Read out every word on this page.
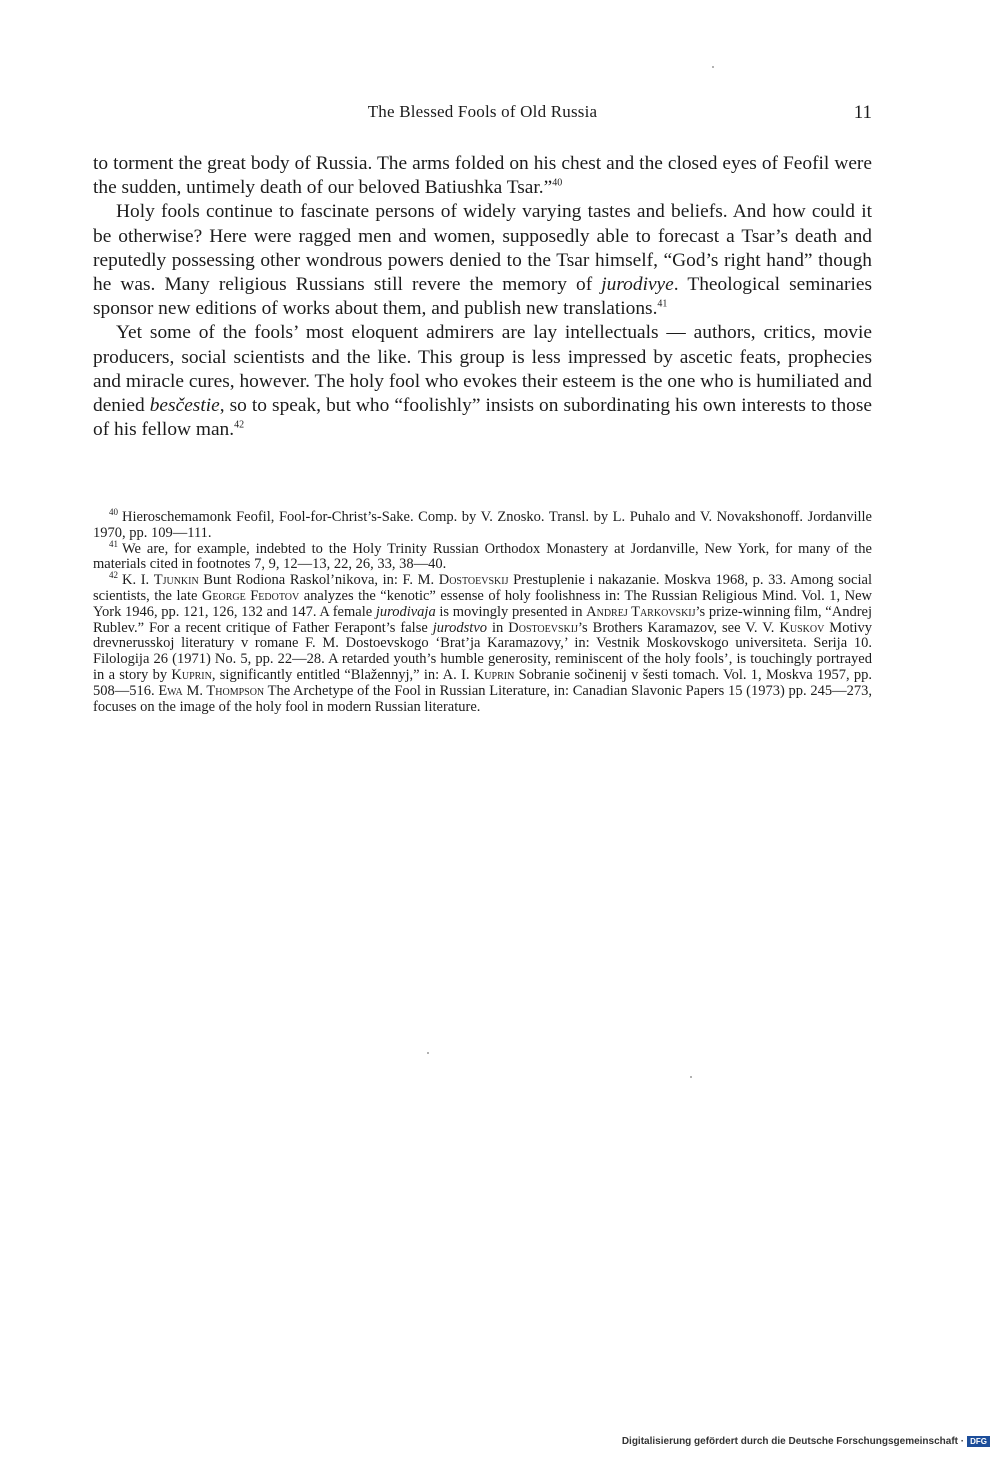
The Blessed Fools of Old Russia	11

to torment the great body of Russia. The arms folded on his chest and the closed eyes of Feofil were the sudden, untimely death of our beloved Batiushka Tsar.”$^{40}$

Holy fools continue to fascinate persons of widely varying tastes and beliefs. And how could it be otherwise? Here were ragged men and women, supposedly able to forecast a Tsar’s death and reputedly possessing other wondrous powers denied to the Tsar himself, “God’s right hand” though he was. Many religious Russians still revere the memory of jurodivye. Theological seminaries sponsor new editions of works about them, and publish new translations.$^{41}$

Yet some of the fools’ most eloquent admirers are lay intellectuals — authors, critics, movie producers, social scientists and the like. This group is less impressed by ascetic feats, prophecies and miracle cures, however. The holy fool who evokes their esteem is the one who is humiliated and denied besčestie, so to speak, but who “foolishly” insists on subordinating his own interests to those of his fellow man.$^{42}$

$^{40}$ Hieroschemamonk Feofil, Fool-for-Christ’s-Sake. Comp. by V. Znosko. Transl. by L. Puhalo and V. Novakshonoff. Jordanville 1970, pp. 109—111.

$^{41}$ We are, for example, indebted to the Holy Trinity Russian Orthodox Monastery at Jordanville, New York, for many of the materials cited in footnotes 7, 9, 12—13, 22, 26, 33, 38—40.

$^{42}$ K. I. Tjunkin Bunt Rodiona Raskol’nikova, in: F. M. Dostoevskij Prestuplenie i nakazanie. Moskva 1968, p. 33. Among social scientists, the late George Fedotov analyzes the “kenotic” essense of holy foolishness in: The Russian Religious Mind. Vol. 1, New York 1946, pp. 121, 126, 132 and 147. A female jurodivaja is movingly presented in Andrej Tarkovskij’s prize-winning film, “Andrej Rublev.” For a recent critique of Father Ferapont’s false jurodstvo in Dostoevskij’s Brothers Karamazov, see V. V. Kuskov Motivy drevnerusskoj literatury v romane F. M. Dostoevskogo ‘Brat’ja Karamazovy,’ in: Vestnik Moskovskogo universiteta. Serija 10. Filologija 26 (1971) No. 5, pp. 22—28. A retarded youth’s humble generosity, reminiscent of the holy fools’, is touchingly portrayed in a story by Kuprin, significantly entitled “Blažennyj,” in: A. I. Kuprin Sobranie sočinenij v šesti tomach. Vol. 1, Moskva 1957, pp. 508—516. Ewa M. Thompson The Archetype of the Fool in Russian Literature, in: Canadian Slavonic Papers 15 (1973) pp. 245—273, focuses on the image of the holy fool in modern Russian literature.

Digitalisierung gefördert durch die Deutsche Forschungsgemeinschaft · DFG
